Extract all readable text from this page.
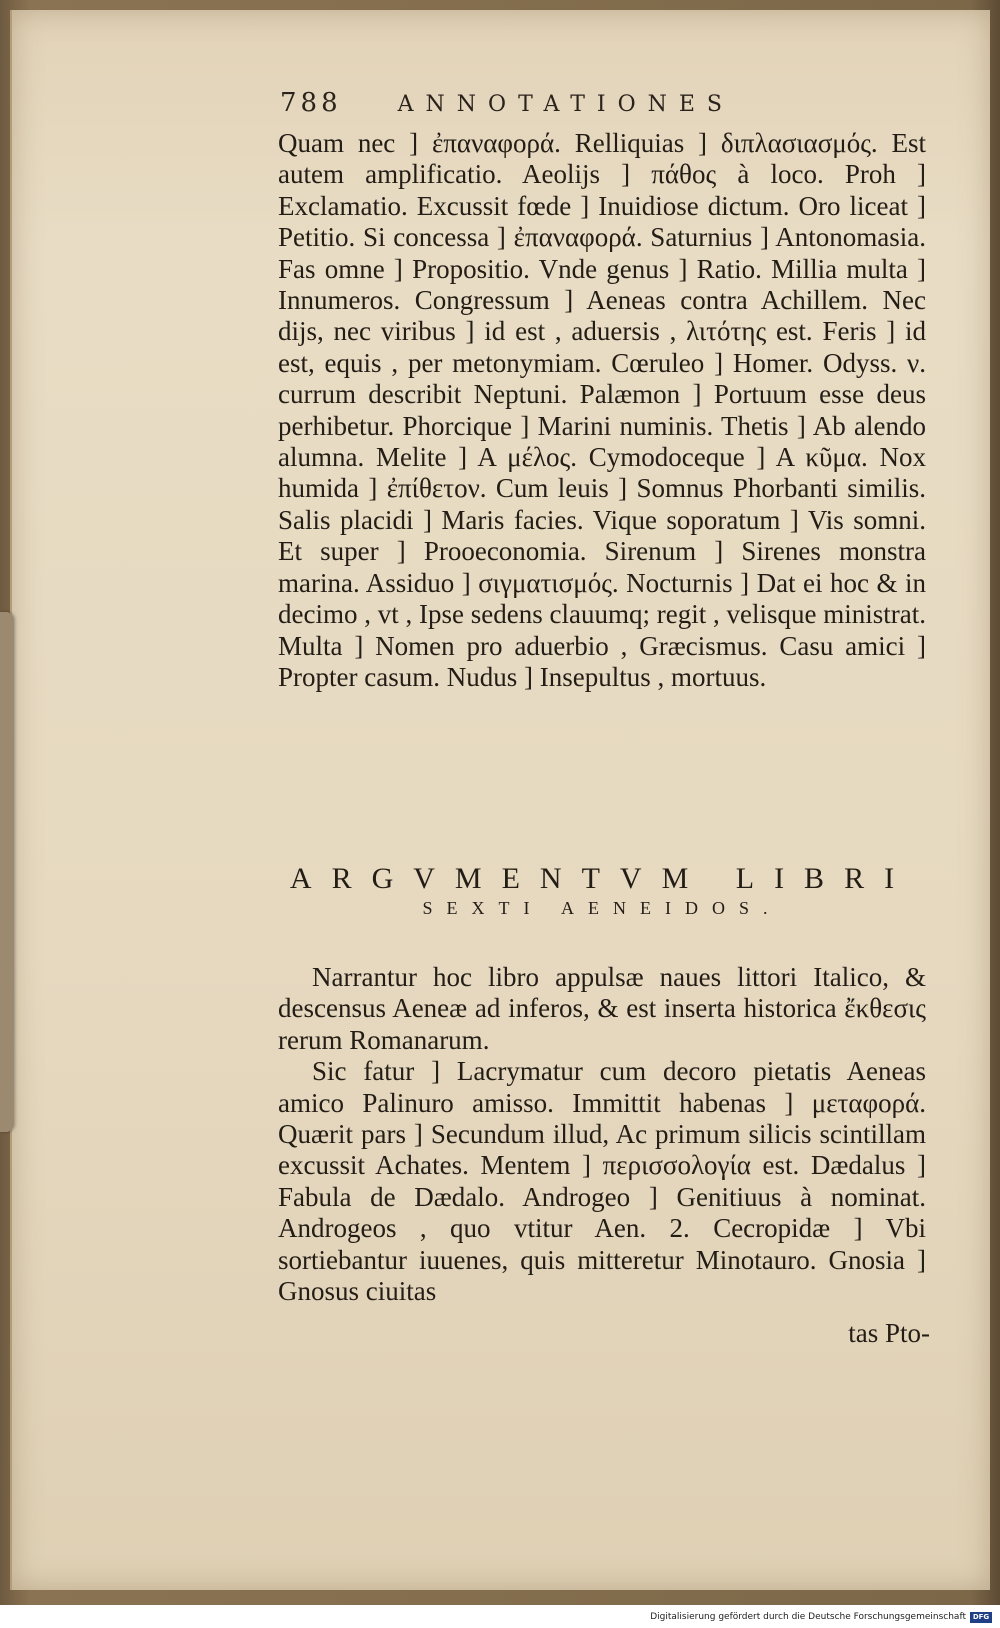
788	ANNOTATIONES

Quam nec ] ἐπαναφορά. Relliquias ] διπλασιασμός. Est autem amplificatio. Aeolijs ] πάθος à loco. Proh ] Exclamatio. Excussit fœde ] Inuidiose dictum. Oro liceat ] Petitio. Si concessa ] ἐπαναφορά. Saturnius ] Antonomasia. Fas omne ] Propositio. Vnde genus ] Ratio. Millia multa ] Innumeros. Congressum ] Aeneas contra Achillem. Nec dijs, nec viribus ] id est , aduersis , λιτότης est. Feris ] id est, equis , per metonymiam. Cœruleo ] Homer. Odyss. ν. currum describit Neptuni. Palæmon ] Portuum esse deus perhibetur. Phorcique ] Marini numinis. Thetis ] Ab alendo alumna. Melite ] A μέλος. Cymodoceque ] A κῦμα. Nox humida ] ἐπίθετον. Cum leuis ] Somnus Phorbanti similis. Salis placidi ] Maris facies. Vique soporatum ] Vis somni. Et super ] Prooeconomia. Sirenum ] Sirenes monstra marina. Assiduo ] σιγματισμός. Nocturnis ] Dat ei hoc & in decimo , vt , Ipse sedens clauumq; regit , velisque ministrat. Multa ] Nomen pro aduerbio , Græcismus. Casu amici ] Propter casum. Nudus ] Insepultus , mortuus.

ARGVMENTVM LIBRI
SEXTI AENEIDOS.

Narrantur hoc libro appulsæ naues littori Italico, & descensus Aeneæ ad inferos, & est inserta historica ἔκθεσις rerum Romanarum.

Sic fatur ] Lacrymatur cum decoro pietatis Aeneas amico Palinuro amisso. Immittit habenas ] μεταφορά. Quærit pars ] Secundum illud, Ac primum silicis scintillam excussit Achates. Mentem ] περισσολογία est. Dædalus ] Fabula de Dædalo. Androgeo ] Genitiuus à nominat. Androgeos , quo vtitur Aen. 2. Cecropidæ ] Vbi sortiebantur iuuenes, quis mitteretur Minotauro. Gnosia ] Gnosus ciuitas

tas Pto-
Digitalisierung gefördert durch die Deutsche Forschungsgemeinschaft DFG
